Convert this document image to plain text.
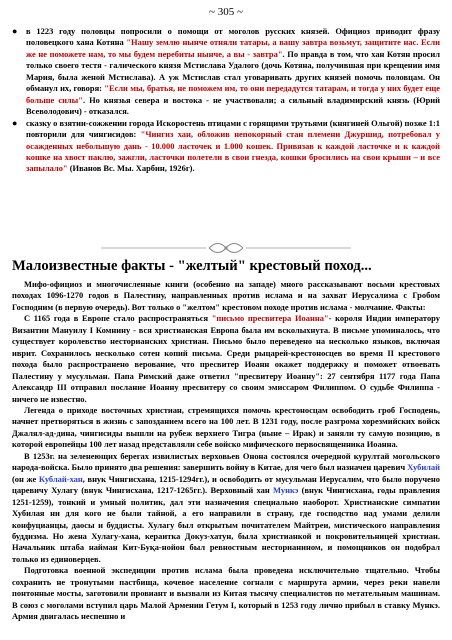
~ 305 ~
●	в 1223 году половцы попросили о помощи от моголов русских князей. Официоз приводит фразу половецкого хана Котяна "Нашу землю нынче отняли татары, а вашу завтра возьмут, защитите нас. Если же не поможете нам, то мы будем перебиты нынче, а вы - завтра". По правда в том, что хан Котян просил только своего тестя - галического князя Мстислава Удалого (дочь Котяна, получившая при крещении имя Мария, была женой Мстислава). А уж Мстислав стал уговаривать других князей помочь половцам. Он обманул их, говоря: "Если мы, братья, не поможем им, то они передадутся татарам, и тогда у них будет еще больше силы". Но князья севера и востока - не участвовали; а сильный владимирский князь (Юрий Всеволодович) - отказался.
●	сказку о взятии-сожжении города Искоростень птицами с горящими трутьями (княгиней Ольгой) позже 1:1 повторили для чингисидов: "Чингиз хан, обложив непокорный стан племени Джуршид, потребовал у осажденных небольшую дань - 10.000 ласточек и 1.000 кошек. Привязав к каждой ласточке и к каждой кошке на хвост паклю, зажгли, ласточки полетели в свои гнезда, кошки бросились на свои крыши – и все запылало" (Иванов Вс. Мы. Харбин, 1926г).
Малоизвестные факты - "желтый" крестовый поход...

Мифо-официоз и многочисленные книги (особенно на западе) много рассказывают восьми крестовых походах 1096-1270 годов в Палестину, направленных против ислама и на захват Иерусалима с Гробом Господним (в первую очередь). Вот только о "желтом" крестовом походе против ислама - молчание. Факты:

С 1165 года в Европе стало распространяться "письмо пресвитера Иоанна"- короля Индии императору Византии Мануилу I Комнину - вся христианская Европа была им всколыхнута. В письме упоминалось, что существует королевство несторианских христиан. Письмо было переведено на несколько языков, включая иврит. Сохранилось несколько сотен копий письма. Среди рыцарей-крестоносцев во время II крестового похода было распространено верование, что пресвитер Иоанн окажет поддержку и поможет отвоевать Палестину у мусульман. Папа Римский даже ответил "пресвитеру Иоанну": 27 сентября 1177 года Папа Александр III отправил послание Иоанну пресвитеру со своим эмиссаром Филиппом. О судьбе Филиппа - ничего не известно.

Легенда о приходе восточных христиан, стремящихся помочь крестоносцам освободить гроб Господень, начнет претворяться в жизнь с запозданием всего на 100 лет. В 1231 году, после разгрома хорезмийских войск Джалял-ад-дина, чингисиды вышли на рубеж верхнего Тигра (ныне – Ирак) и заняли ту самую позицию, в которой европейцы 100 лет назад представляли себе войско мифического первосвященника Иоанна.

В 1253г. на зеленеющих берегах извилистых верховьев Онона состоялся очередной курултай могольского народа-войска. Было принято два решения: завершить войну в Китае, для чего был назначен царевич Хубилай (он же Кублай-хан, внук Чингисхана, 1215-1294гг.), и освободить от мусульман Иерусалим, что было поручено царевичу Хулагу (внук Чингисхана, 1217-1265гг.). Верховный хан Мункэ (внук Чингисхана, годы правления 1251-1259), тонкий и умный политик, дал эти назначения специально наоборот. Христианские симпатии Хубилая ни для кого не были тайной, а его направили в страну, где господство над умами делили конфуцианцы, даосы и буддисты. Хулагу был открытым почитателем Майтреи, мистического направления буддизма. Но жена Хулагу-хана, кераитка Докуз-хатун, была христианкой и покровительницей христиан. Начальник штаба найман Кит-Буқа-нойон был ревностным несторианином, и помощников он подобрал только из единоверцев.

Подготовка военной экспедиции против ислама была проведена исключительно тщательно. Чтобы сохранить не тронутыми пастбища, кочевое население согнали с маршрута армии, через реки навели понтонные мосты, заготовили провиант и вызвали из Китая тысячу специалистов по метательным машинам. В союз с моголами вступил царь Малой Армении Гетум I, который в 1253 году лично прибыл в ставку Мункэ. Армия двигалась неспешно и
